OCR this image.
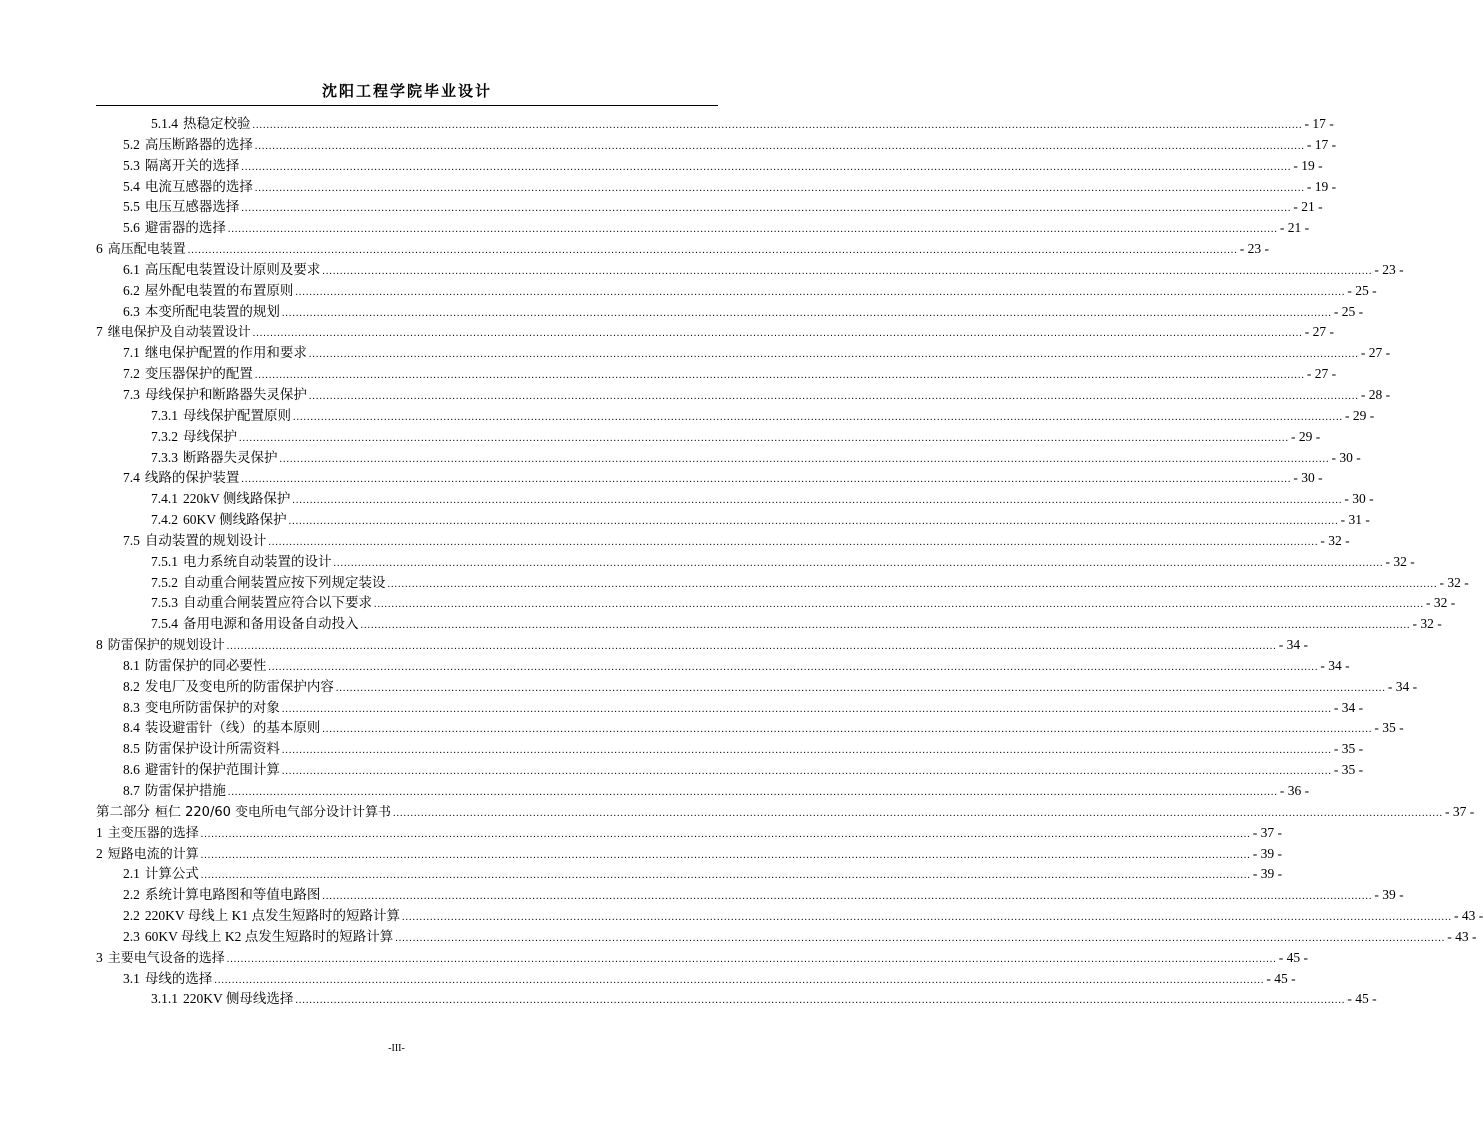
沈阳工程学院毕业设计
5.1.4 热稳定校验 ............................................................................................................................................................................................................................................................................................................ - 17 -
5.2 高压断路器的选择 ............................................................................................................................................................................................................................................................................................................ - 17 -
5.3 隔离开关的选择 ............................................................................................................................................................................................................................................................................................................ - 19 -
5.4 电流互感器的选择 ............................................................................................................................................................................................................................................................................................................ - 19 -
5.5 电压互感器选择 ............................................................................................................................................................................................................................................................................................................ - 21 -
5.6 避雷器的选择 ............................................................................................................................................................................................................................................................................................................ - 21 -
6 高压配电装置 ............................................................................................................................................................................................................................................................................................................ - 23 -
6.1 高压配电装置设计原则及要求 ............................................................................................................................................................................................................................................................................................................ - 23 -
6.2 屋外配电装置的布置原则 ............................................................................................................................................................................................................................................................................................................ - 25 -
6.3 本变所配电装置的规划 ............................................................................................................................................................................................................................................................................................................ - 25 -
7 继电保护及自动装置设计 ............................................................................................................................................................................................................................................................................................................ - 27 -
7.1 继电保护配置的作用和要求 ............................................................................................................................................................................................................................................................................................................ - 27 -
7.2 变压器保护的配置 ............................................................................................................................................................................................................................................................................................................ - 27 -
7.3 母线保护和断路器失灵保护 ............................................................................................................................................................................................................................................................................................................ - 28 -
7.3.1 母线保护配置原则 ............................................................................................................................................................................................................................................................................................................ - 29 -
7.3.2 母线保护 ............................................................................................................................................................................................................................................................................................................ - 29 -
7.3.3 断路器失灵保护 ............................................................................................................................................................................................................................................................................................................ - 30 -
7.4 线路的保护装置 ............................................................................................................................................................................................................................................................................................................ - 30 -
7.4.1 220kV 侧线路保护 ............................................................................................................................................................................................................................................................................................................ - 30 -
7.4.2 60KV 侧线路保护 ............................................................................................................................................................................................................................................................................................................ - 31 -
7.5 自动装置的规划设计 ............................................................................................................................................................................................................................................................................................................ - 32 -
7.5.1 电力系统自动装置的设计 ............................................................................................................................................................................................................................................................................................................ - 32 -
7.5.2 自动重合闸装置应按下列规定装设 ............................................................................................................................................................................................................................................................................................................ - 32 -
7.5.3 自动重合闸装置应符合以下要求 ............................................................................................................................................................................................................................................................................................................ - 32 -
7.5.4 备用电源和备用设备自动投入 ............................................................................................................................................................................................................................................................................................................ - 32 -
8 防雷保护的规划设计 ............................................................................................................................................................................................................................................................................................................ - 34 -
8.1 防雷保护的同必要性 ............................................................................................................................................................................................................................................................................................................ - 34 -
8.2 发电厂及变电所的防雷保护内容 ............................................................................................................................................................................................................................................................................................................ - 34 -
8.3 变电所防雷保护的对象 ............................................................................................................................................................................................................................................................................................................ - 34 -
8.4 装设避雷针（线）的基本原则 ............................................................................................................................................................................................................................................................................................................ - 35 -
8.5 防雷保护设计所需资料 ............................................................................................................................................................................................................................................................................................................ - 35 -
8.6 避雷针的保护范围计算 ............................................................................................................................................................................................................................................................................................................ - 35 -
8.7 防雷保护措施 ............................................................................................................................................................................................................................................................................................................ - 36 -
第二部分 桓仁 220/60 变电所电气部分设计计算书 ............................................................................................................................................................................................................................................................................................................ - 37 -
1 主变压器的选择 ............................................................................................................................................................................................................................................................................................................ - 37 -
2 短路电流的计算 ............................................................................................................................................................................................................................................................................................................ - 39 -
2.1 计算公式 ............................................................................................................................................................................................................................................................................................................ - 39 -
2.2 系统计算电路图和等值电路图 ............................................................................................................................................................................................................................................................................................................ - 39 -
2.2 220KV 母线上 K1 点发生短路时的短路计算 ............................................................................................................................................................................................................................................................................................................ - 43 -
2.3 60KV 母线上 K2 点发生短路时的短路计算 ............................................................................................................................................................................................................................................................................................................ - 43 -
3 主要电气设备的选择 ............................................................................................................................................................................................................................................................................................................ - 45 -
3.1 母线的选择 ............................................................................................................................................................................................................................................................................................................ - 45 -
3.1.1 220KV 侧母线选择 ............................................................................................................................................................................................................................................................................................................ - 45 -
-III-
